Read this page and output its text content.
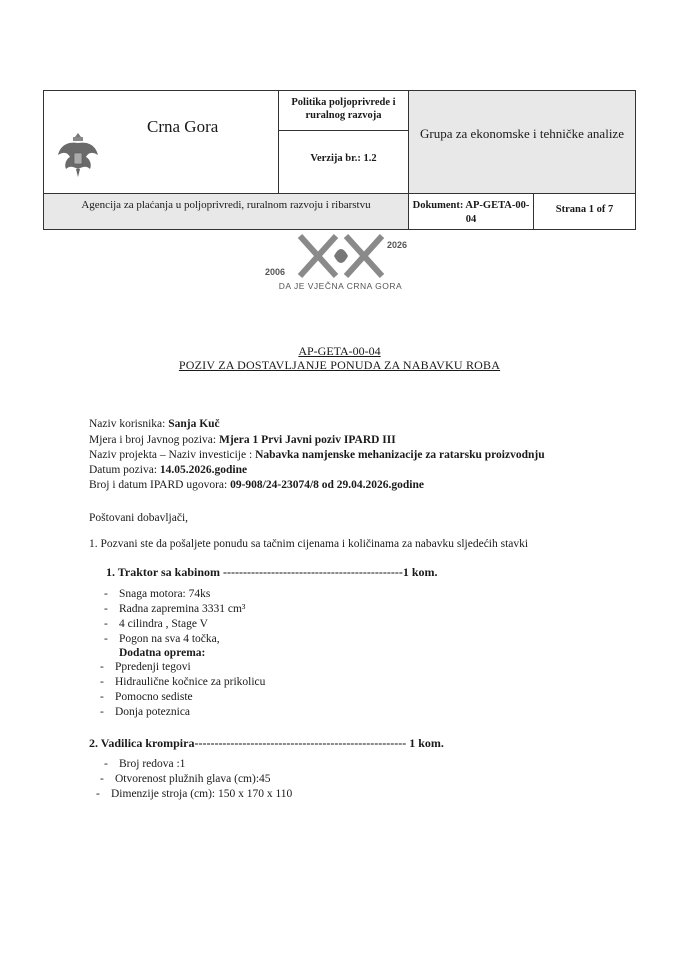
Crna Gora
Politika poljoprivrede i ruralnog razvoja
Verzija br.: 1.2
Grupa za ekonomske i tehničke analize
Agencija za plaćanja u poljoprivredi, ruralnom razvoju i ribarstvu	Dokument: AP-GETA-00-04
Strana 1 of 7
2006
2026
DA JE VJEČNA CRNA GORA
AP-GETA-00-04
POZIV ZA DOSTAVLJANJE PONUDA ZA NABAVKU ROBA
Naziv korisnika: Sanja Kuč
Mjera i broj Javnog poziva: Mjera 1 Prvi Javni poziv IPARD III
Naziv projekta – Naziv investicije : Nabavka namjenske mehanizacije za ratarsku proizvodnju
Datum poziva: 14.05.2026.godine
Broj i datum IPARD ugovora: 09-908/24-23074/8 od 29.04.2026.godine
Poštovani dobavljači,
1. Pozvani ste da pošaljete ponudu sa tačnim cijenama i količinama za nabavku sljedećih stavki
1. Traktor sa kabinom ---------------------------------------------1 kom.
- Snaga motora: 74ks
- Radna zapremina 3331 cm³
- 4 cilindra , Stage V
- Pogon na sva 4 točka,
Dodatna oprema:
- Ppredenji tegovi
- Hidraulične kočnice za prikolicu
- Pomocno sediste
- Donja poteznica
2. Vadilica krompira----------------------------------------------------- 1 kom.
- Broj redova :1
- Otvorenost plužnih glava (cm):45
- Dimenzije stroja (cm): 150 x 170 x 110
